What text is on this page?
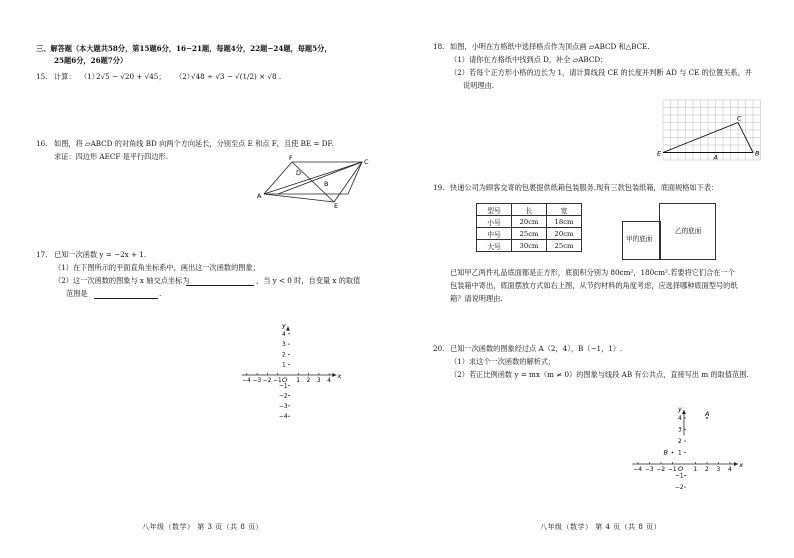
三、解答题（本大题共58分，第15题6分，16−21题，每题4分，22题−24题，每题5分，
25题6分，26题7分）
15. 计算： （1）
2√5 − √20 + √45； （2）
√48 ÷ √3 − √(1/2) × √8 .
16. 如图，将 ▱ABCD 的对角线 BD 向两个方向延长，分别至点 E 和点 F，且使 BE = DF.
求证：四边形 AECF 是平行四边形.	F	C
D
B
A
E
17. 已知一次函数 y = −2x + 1.
（1）在下图所示的平面直角坐标系中，画出这一次函数的图象；
（2）这一次函数的图象与 x 轴交点坐标为	，当 y < 0 时，自变量 x 的取值
范围是	.
−4 −3 −2 −1	1 2 3 4
4
3
2
1
−1
−2
−3
−4
x
y
O
八年级（数学） 第 3 页（共 8 页）
18. 如图，小明在方格纸中选择格点作为顶点画 ▱ABCD 和△BCE.
（1）请你在方格纸中找到点 D，补全 ▱ABCD；
（2）若每个正方形小格的边长为 1，请计算线段 CE 的长度并判断 AD 与 CE 的位置关系，并
说明理由.
C
E	A	B
19. 快递公司为顾客交寄的包裹提供纸箱包装服务.现有三款包装纸箱，底面规格如下表：
型号	长	宽
小号	20cm	18cm
中号	25cm	20cm
大号	30cm	25cm
甲的底面
乙的底面
已知甲乙两件礼品底面都是正方形，底面积分别为 80cm²，180cm².若要将它们合在一个
包装箱中寄出，底面摆放方式如右上图，从节约材料的角度考虑，应选择哪种底面型号的纸
箱？请说明理由.
20. 已知一次函数的图象经过点 A（2，4），B（−1，1）.
（1）求这个一次函数的解析式；
（2）若正比例函数 y = mx（m ≠ 0）的图象与线段 AB 有公共点，直接写出 m 的取值范围.
−4 −3 −2 −1	1 2 3 4
4
3
2
1
−1
−2
x
y
O
A
B
八年级（数学） 第 4 页（共 8 页）
